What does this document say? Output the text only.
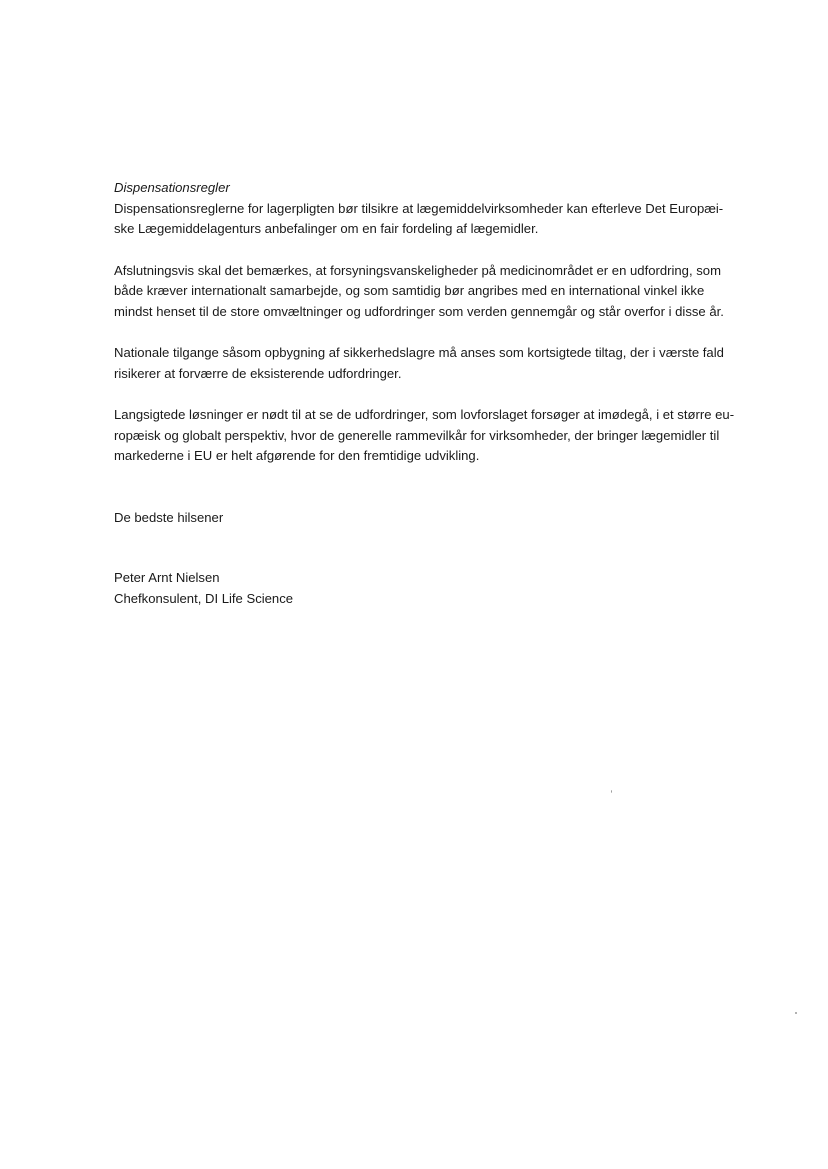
Dispensationsregler

Dispensationsreglerne for lagerpligten bør tilsikre at lægemiddelvirksomheder kan efterleve Det Europæi-
ske Lægemiddelagenturs anbefalinger om en fair fordeling af lægemidler.
Afslutningsvis skal det bemærkes, at forsyningsvanskeligheder på medicinområdet er en udfordring, som
både kræver internationalt samarbejde, og som samtidig bør angribes med en international vinkel ikke
mindst henset til de store omvæltninger og udfordringer som verden gennemgår og står overfor i disse år.
Nationale tilgange såsom opbygning af sikkerhedslagre må anses som kortsigtede tiltag, der i værste fald
risikerer at forværre de eksisterende udfordringer.
Langsigtede løsninger er nødt til at se de udfordringer, som lovforslaget forsøger at imødegå, i et større eu-
ropæisk og globalt perspektiv, hvor de generelle rammevilkår for virksomheder, der bringer lægemidler til
markederne i EU er helt afgørende for den fremtidige udvikling.

De bedste hilsener

Peter Arnt Nielsen

Chefkonsulent, DI Life Science
